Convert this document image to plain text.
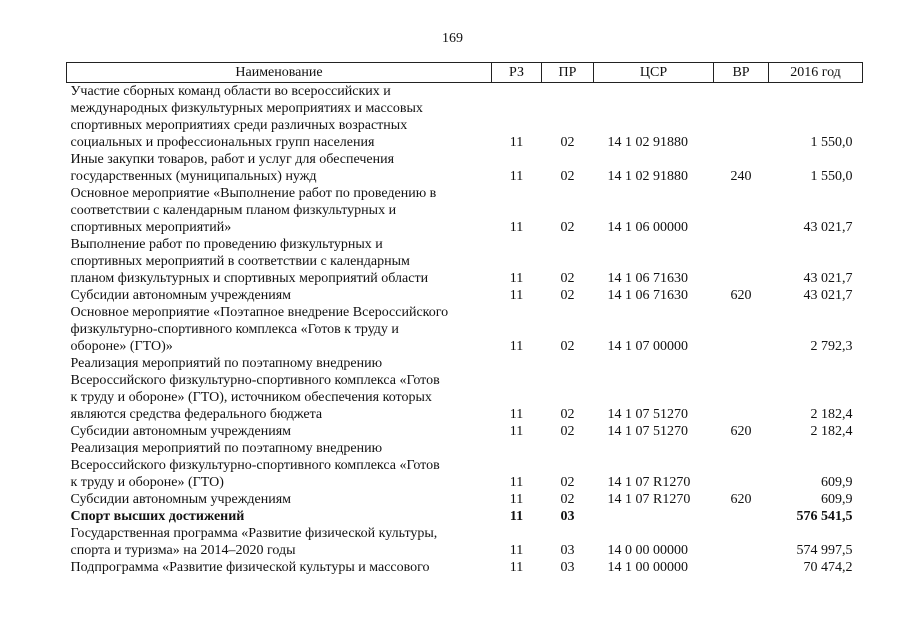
169
Наименование	РЗ	ПР	ЦСР	ВР	2016 год

Участие сборных команд области во всероссийских и
международных физкультурных мероприятиях и массовых
спортивных мероприятиях среди различных возрастных
социальных и профессиональных групп населения	11	02	14 1 02 91880		1 550,0

Иные закупки товаров, работ и услуг для обеспечения
государственных (муниципальных) нужд	11	02	14 1 02 91880	240	1 550,0

Основное мероприятие «Выполнение работ по проведению в
соответствии с календарным планом физкультурных и
спортивных мероприятий»	11	02	14 1 06 00000		43 021,7

Выполнение работ по проведению физкультурных и
спортивных мероприятий в соответствии с календарным
планом физкультурных и спортивных мероприятий области	11	02	14 1 06 71630		43 021,7

Субсидии автономным учреждениям	11	02	14 1 06 71630	620	43 021,7

Основное мероприятие «Поэтапное внедрение Всероссийского
физкультурно-спортивного комплекса «Готов к труду и
обороне» (ГТО)»	11	02	14 1 07 00000		2 792,3

Реализация мероприятий по поэтапному внедрению
Всероссийского физкультурно-спортивного комплекса «Готов
к труду и обороне» (ГТО), источником обеспечения которых
являются средства федерального бюджета	11	02	14 1 07 51270		2 182,4

Субсидии автономным учреждениям	11	02	14 1 07 51270	620	2 182,4

Реализация мероприятий по поэтапному внедрению
Всероссийского физкультурно-спортивного комплекса «Готов
к труду и обороне» (ГТО)	11	02	14 1 07 R1270		609,9

Субсидии автономным учреждениям	11	02	14 1 07 R1270	620	609,9

Спорт высших достижений	11	03			576 541,5

Государственная программа «Развитие физической культуры,
спорта и туризма» на 2014–2020 годы	11	03	14 0 00 00000		574 997,5

Подпрограмма «Развитие физической культуры и массового	11	03	14 1 00 00000		70 474,2
